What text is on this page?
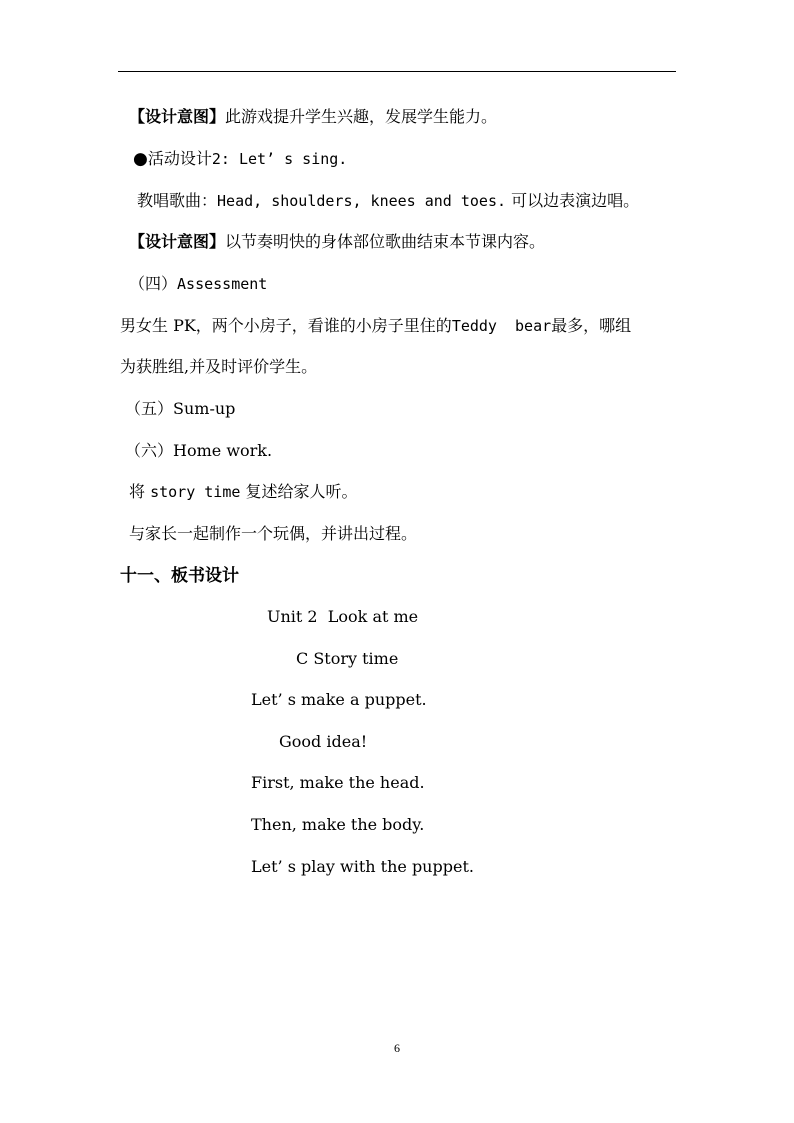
【设计意图】此游戏提升学生兴趣，发展学生能力。
●活动设计2: Let’ s sing.
教唱歌曲：Head, shoulders, knees and toes. 可以边表演边唱。
【设计意图】以节奏明快的身体部位歌曲结束本节课内容。
（四）Assessment
男女生 PK，两个小房子，看谁的小房子里住的Teddy  bear最多，哪组
为获胜组,并及时评价学生。
（五）Sum-up
（六）Home work.
将 story time 复述给家人听。
与家长一起制作一个玩偶，并讲出过程。
十一、板书设计
Unit 2  Look at me
C Story time
Let’ s make a puppet.
Good idea!
First, make the head.
Then, make the body.
Let’ s play with the puppet.
6
